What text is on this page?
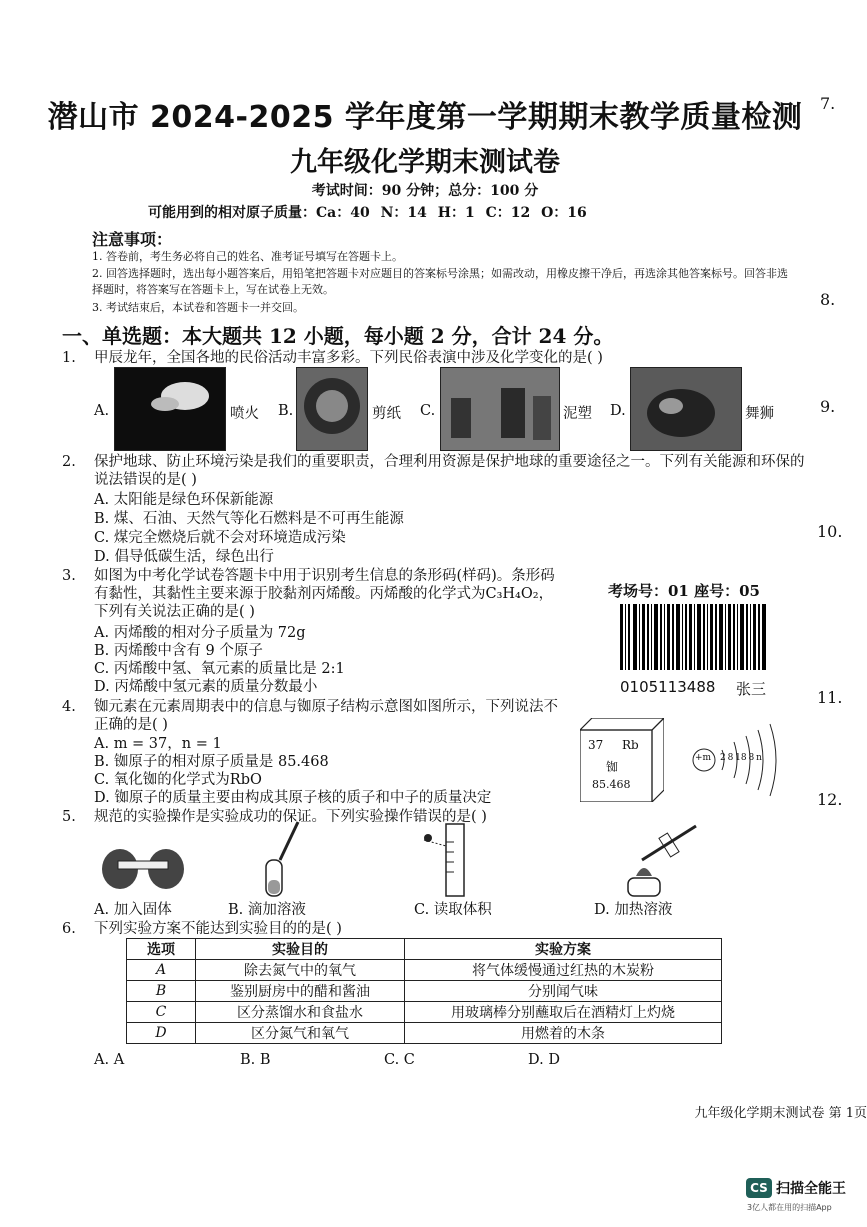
潜山市 2024-2025 学年度第一学期期末教学质量检测
九年级化学期末测试卷
考试时间：90 分钟；总分：100 分
可能用到的相对原子质量：Ca：40 N：14 H：1 C：12 O：16
注意事项：
1. 答卷前，考生务必将自己的姓名、准考证号填写在答题卡上。
2. 回答选择题时，选出每小题答案后，用铅笔把答题卡对应题目的答案标号涂黑；如需改动，用橡皮擦干净后，再选涂其他答案标号。回答非选择题时，将答案写在答题卡上，写在试卷上无效。
3. 考试结束后，本试卷和答题卡一并交回。
一、单选题：本大题共 12 小题，每小题 2 分，合计 24 分。
1.	甲辰龙年，全国各地的民俗活动丰富多彩。下列民俗表演中涉及化学变化的是( )
A.	喷火 B.	剪纸 C.	泥塑 D.	舞狮
2.	保护地球、防止环境污染是我们的重要职责，合理利用资源是保护地球的重要途径之一。下列有关能源和环保的说法错误的是( )
A. 太阳能是绿色环保新能源
B. 煤、石油、天然气等化石燃料是不可再生能源
C. 煤完全燃烧后就不会对环境造成污染
D. 倡导低碳生活，绿色出行
3.	如图为中考化学试卷答题卡中用于识别考生信息的条形码(样码)。条形码有黏性，其黏性主要来源于胶黏剂丙烯酸。丙烯酸的化学式为C₃H₄O₂，下列有关说法正确的是( )
A. 丙烯酸的相对分子质量为 72g
B. 丙烯酸中含有 9 个原子
C. 丙烯酸中氢、氧元素的质量比是 2:1
D. 丙烯酸中氢元素的质量分数最小
考场号：01 座号：05
0105113488 张三
4.	铷元素在元素周期表中的信息与铷原子结构示意图如图所示，下列说法不正确的是( )
A. m = 37，n = 1
B. 铷原子的相对原子质量是 85.468
C. 氧化铷的化学式为RbO
D. 铷原子的质量主要由构成其原子核的质子和中子的质量决定
37 Rb
铷
85.468
+m 2 8 18 8 n
5.	规范的实验操作是实验成功的保证。下列实验操作错误的是( )
A. 加入固体	B. 滴加溶液	C. 读取体积	D. 加热溶液
6.	下列实验方案不能达到实验目的的是( )
选项	实验目的	实验方案
A	除去氮气中的氧气	将气体缓慢通过红热的木炭粉
B	鉴别厨房中的醋和酱油	分别闻气味
C	区分蒸馏水和食盐水	用玻璃棒分别蘸取后在酒精灯上灼烧
D	区分氮气和氧气	用燃着的木条
A. A	B. B	C. C	D. D
7.
8.
9.
10.
11.
12.
九年级化学期末测试卷 第 1页
CS 扫描全能王
3亿人都在用的扫描App
